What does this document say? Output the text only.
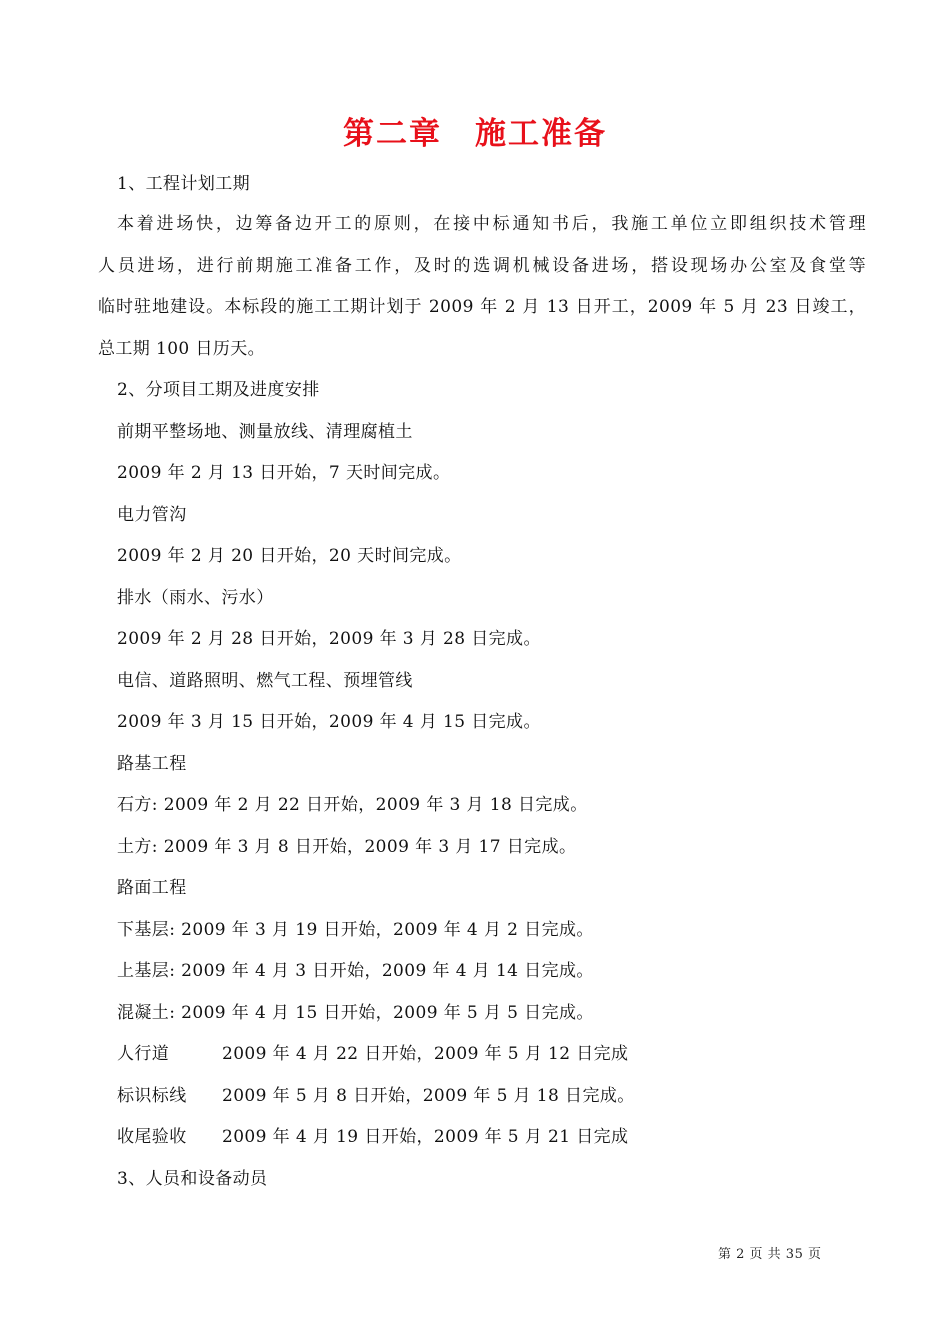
第二章　施工准备
1、工程计划工期

本着进场快，边筹备边开工的原则，在接中标通知书后，我施工单位立即组织技术管理

人员进场，进行前期施工准备工作，及时的选调机械设备进场，搭设现场办公室及食堂等

临时驻地建设。本标段的施工工期计划于 2009 年 2 月 13 日开工，2009 年 5 月 23 日竣工，

总工期 100 日历天。

2、分项目工期及进度安排
前期平整场地、测量放线、清理腐植土
2009 年 2 月 13 日开始，7 天时间完成。
电力管沟
2009 年 2 月 20 日开始，20 天时间完成。
排水（雨水、污水）
2009 年 2 月 28 日开始，2009 年 3 月 28 日完成。
电信、道路照明、燃气工程、预埋管线
2009 年 3 月 15 日开始，2009 年 4 月 15 日完成。
路基工程
石方: 2009 年 2 月 22 日开始，2009 年 3 月 18 日完成。
土方: 2009 年 3 月 8 日开始，2009 年 3 月 17 日完成。
路面工程
下基层: 2009 年 3 月 19 日开始，2009 年 4 月 2 日完成。
上基层: 2009 年 4 月 3 日开始，2009 年 4 月 14 日完成。
混凝土: 2009 年 4 月 15 日开始，2009 年 5 月 5 日完成。
人行道	2009 年 4 月 22 日开始，2009 年 5 月 12 日完成
标识标线 2009 年 5 月 8 日开始，2009 年 5 月 18 日完成。
收尾验收 2009 年 4 月 19 日开始，2009 年 5 月 21 日完成
3、人员和设备动员
第 2 页 共 35 页
